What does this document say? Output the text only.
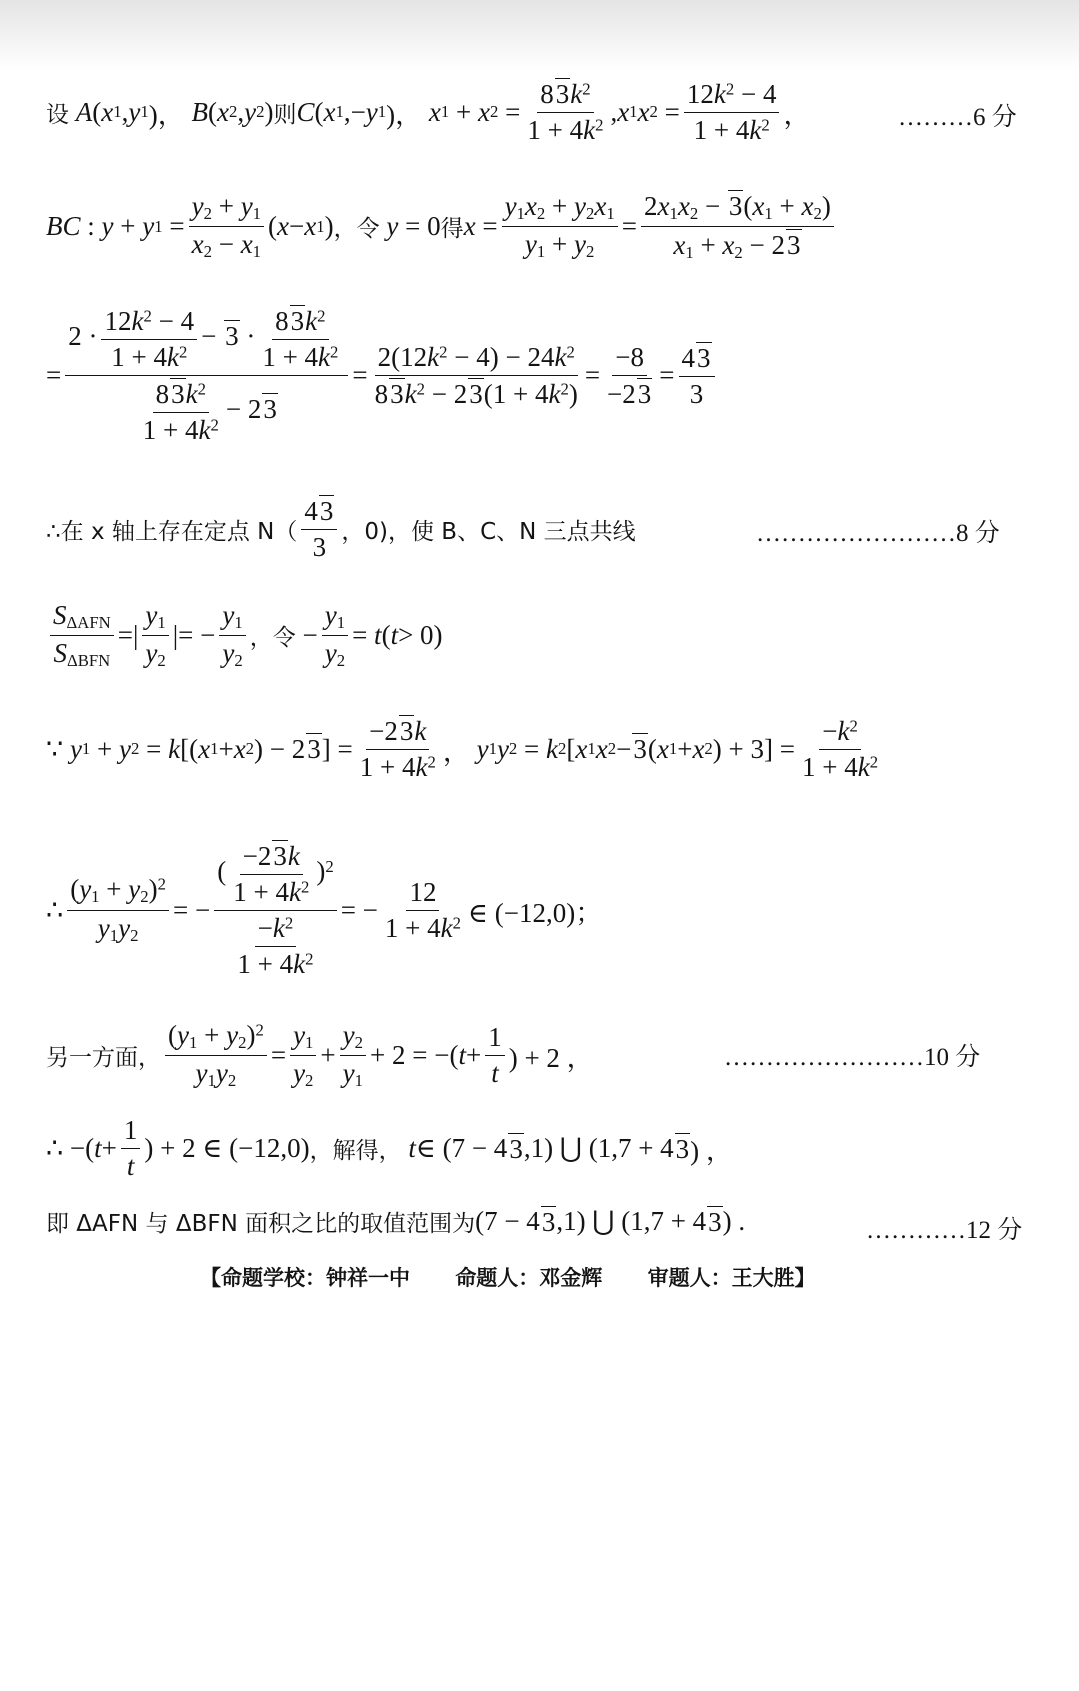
设 A ( x 1 , y 1 )， B ( x 2 , y 2 ) 则 C ( x 1 ,− y 1 )， x 1 + x $2 = \frac{83k^2}{1 + 4k^2}$ , x 1 x $2 = \frac{12k^2 - 4}{1 + 4k^2}$ ，	………6 分
BC : y + y $1 = \frac{y_2 + y_1}{x_2 - x_1}$ ( x − x 1 ) ，令
y = 0 得 $x = \frac{y_1x_2 + y_2x_1}{y_1 + y_2} = \frac{2x_1x_2 - 3(x_1 + x_2)}{x_1 + x_2 - 23}$
= $\frac{2 \cdot \frac{12k^2 - 4}{1 + 4k^2} - 3 \cdot \frac{83k^2}{1 + 4k^2}}{\frac{83k^2}{1 + 4k^2} - 23} = \frac{2(12k^2 - 4) - 24k^2}{83k^2 - 23(1 + 4k^2)} = \frac{-8}{-23} = \frac{43}{3}$
∴在 x 轴上存在定点 $N( \frac{43}{3}$ ，0)，使 B、C、N 三点共线	……………………8 分
$\frac{S_{\Delta AFN}}{S_{\Delta BFN}}$ =| $\frac{y_1}{y_2}$ |= − $\frac{y_1}{y_2}$ ，令 − $\frac{y_1}{y_2} = t$ ( t > 0)
∵ y 1 + y 2 = k [( x 1 + x 2 ) − 2 3 ] = $\frac{-23k}{1 + 4k^2}$ ， y 1 y 2 = k 2 [ x 1 x 2 − 3 ( x 1 + x 2 ) + $3] = \frac{-k^2}{1 + 4k^2}$
∴ $\frac{(y_1 + y_2)^2}{y_1y_2}$ = − $\frac{( \frac{-23k}{1 + 4k^2} )^2}{\frac{-k^2}{1 + 4k^2}}$ = − $\frac{12}{1 + 4k^2}$ ∈ (−12,0)；
另一方面， $\frac{(y_1 + y_2)^2}{y_1y_2} = \frac{y_1}{y_2} + \frac{y_2}{y_1} + 2$ = −( $t + \frac{1}{t}$ ) + 2 ，	……………………10 分
∴ −( $t + \frac{1}{t}$ ) + 2 ∈ (−12,0) ，解得，
t ∈ (7 − 4 3 ,1) ⋃ (1,7 + 4 3 ) ，
即 ΔAFN 与 ΔBFN 面积之比的取值范围为 (7 − 4 3 ,1) ⋃ (1,7 + 4 3 ) .	…………12 分
【命题学校：钟祥一中 命题人：邓金辉 审题人：王大胜】
